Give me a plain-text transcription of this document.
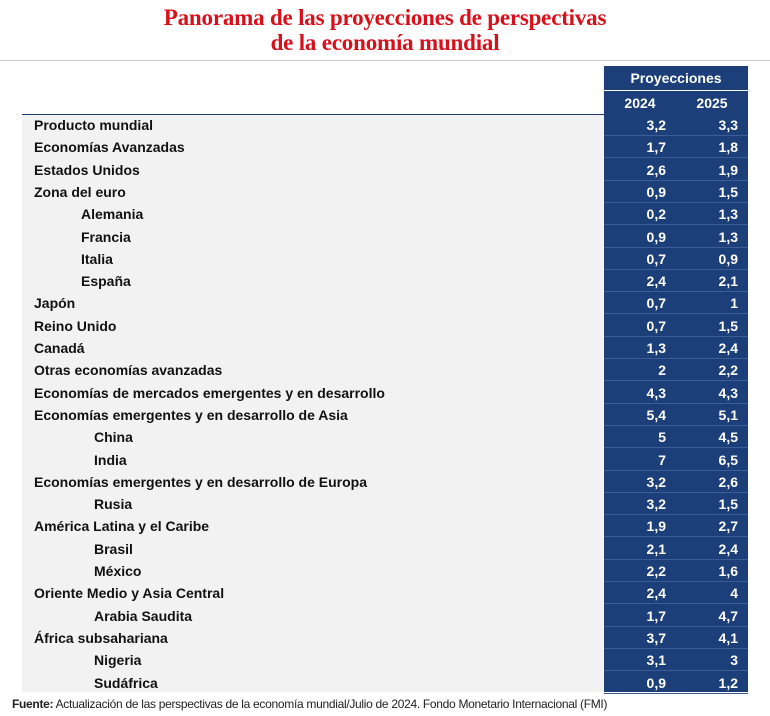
Panorama de las proyecciones de perspectivas
de la economía mundial
Proyecciones
2024	2025
Producto mundial	3,2	3,3
Economías Avanzadas	1,7	1,8
Estados Unidos	2,6	1,9
Zona del euro	0,9	1,5
Alemania	0,2	1,3
Francia	0,9	1,3
Italia	0,7	0,9
España	2,4	2,1
Japón	0,7	1
Reino Unido	0,7	1,5
Canadá	1,3	2,4
Otras economías avanzadas	2	2,2
Economías de mercados emergentes y en desarrollo	4,3	4,3
Economías emergentes y en desarrollo de Asia	5,4	5,1
China	5	4,5
India	7	6,5
Economías emergentes y en desarrollo de Europa	3,2	2,6
Rusia	3,2	1,5
América Latina y el Caribe	1,9	2,7
Brasil	2,1	2,4
México	2,2	1,6
Oriente Medio y Asia Central	2,4	4
Arabia Saudita	1,7	4,7
África subsahariana	3,7	4,1
Nigeria	3,1	3
Sudáfrica	0,9	1,2
Fuente: Actualización de las perspectivas de la economía mundial/Julio de 2024. Fondo Monetario Internacional (FMI)
